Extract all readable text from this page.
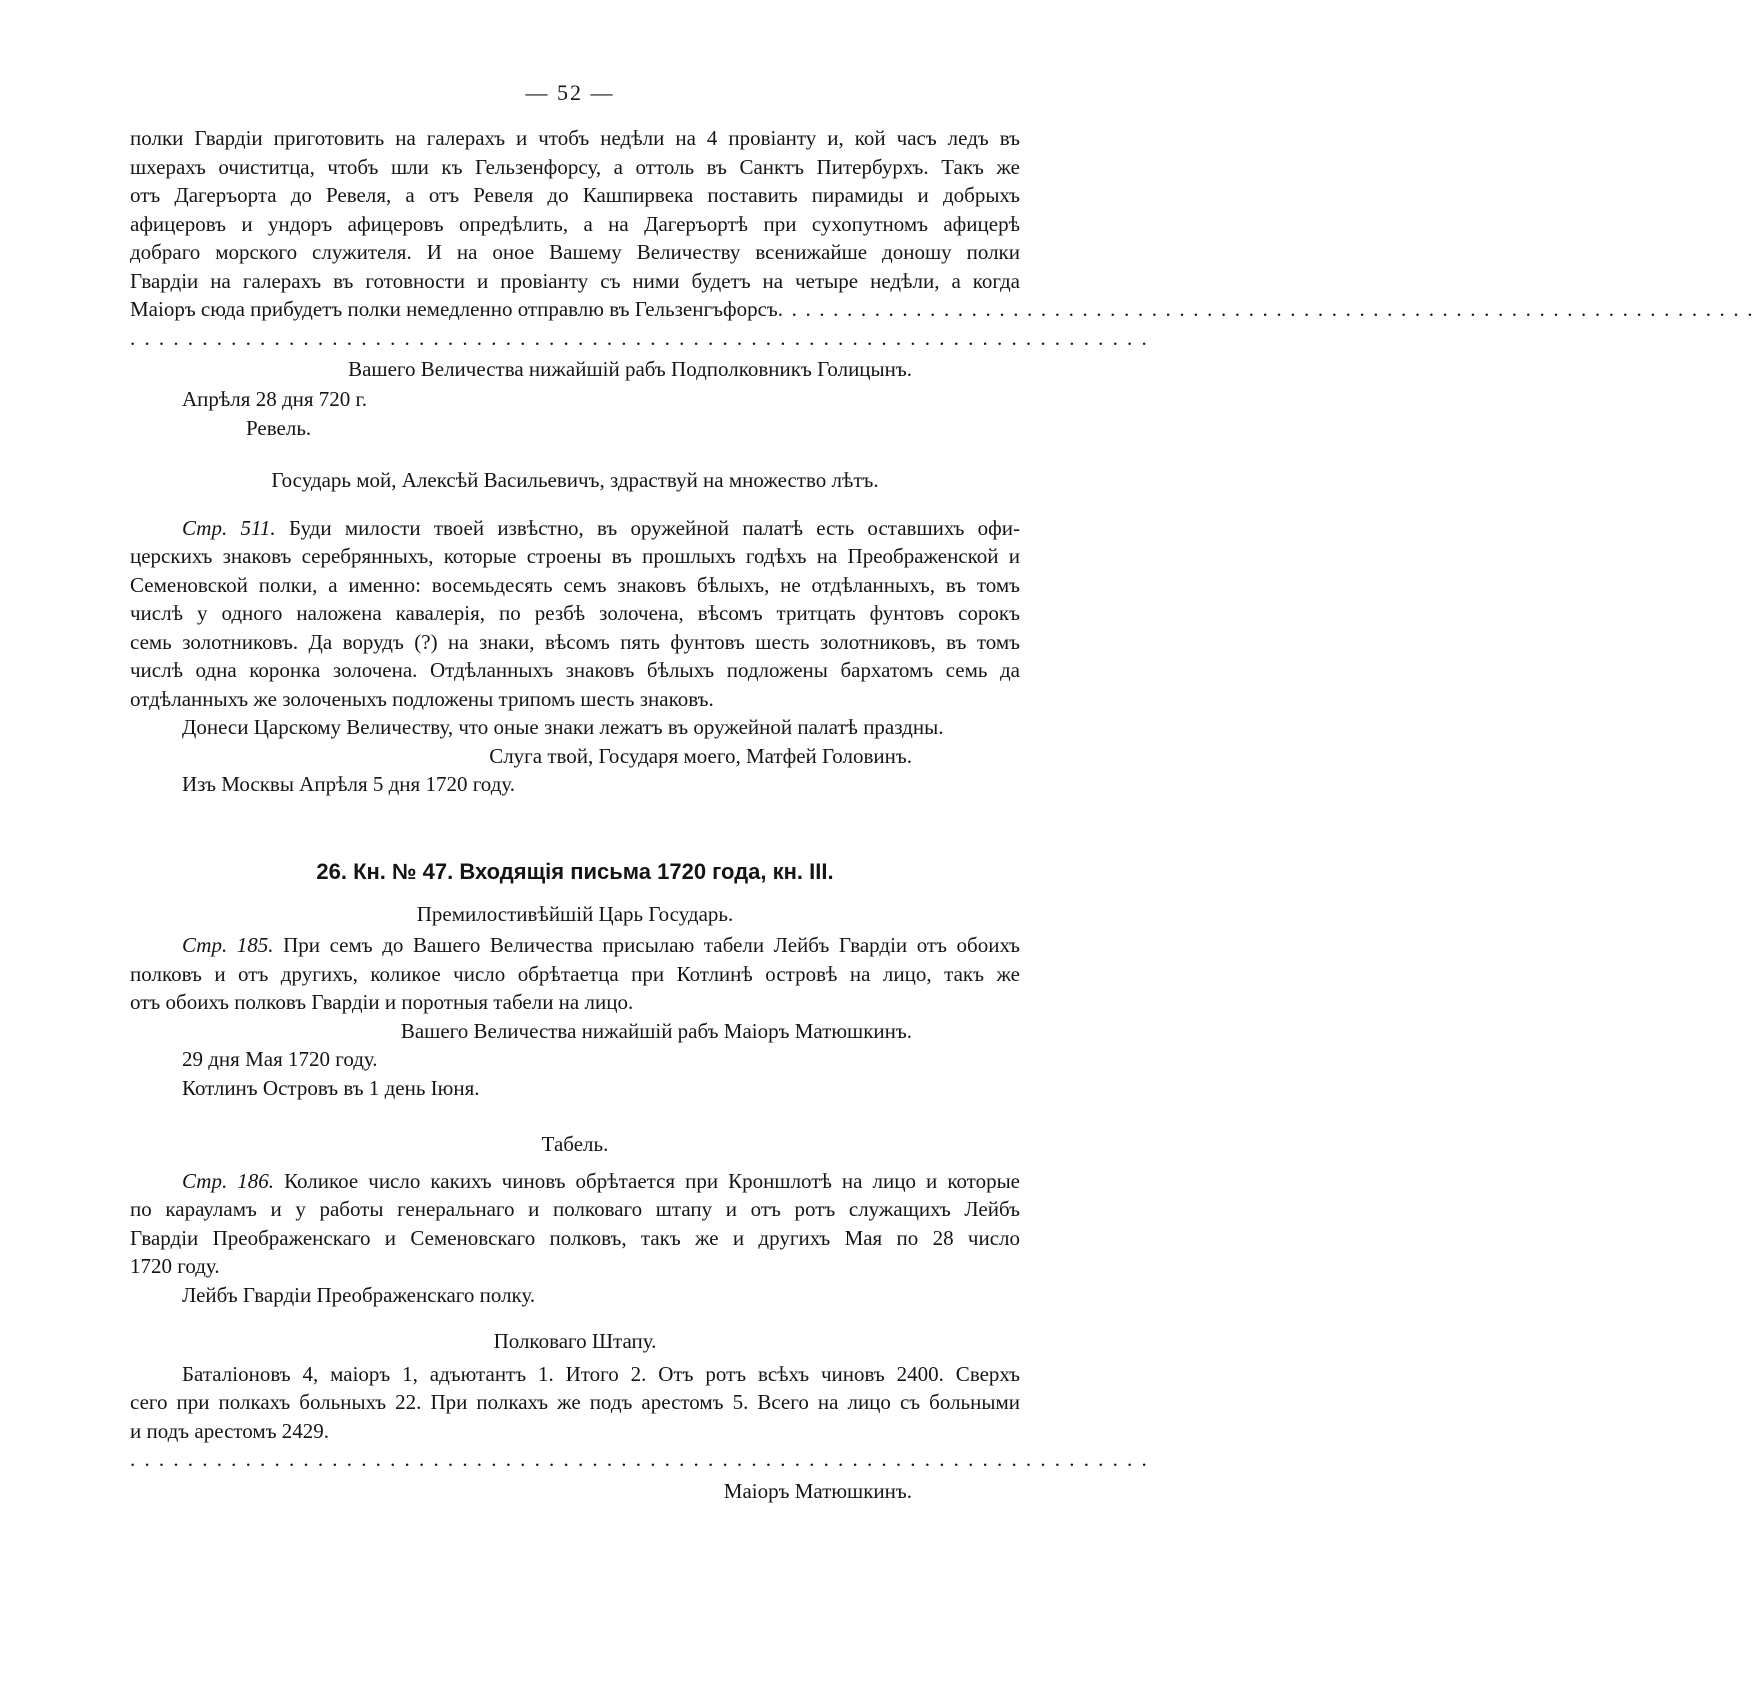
— 52 —

полки Гвардіи приготовить на галерахъ и чтобъ недѣли на 4 провіанту и, кой часъ ледъ въ

шхерахъ очиститца, чтобъ шли къ Гельзенфорсу, а оттоль въ Санктъ Питербурхъ. Такъ же

отъ Дагеръорта до Ревеля, а отъ Ревеля до Кашпирвека поставить пирамиды и добрыхъ

афицеровъ и ундоръ афицеровъ опредѣлить, а на Дагеръортѣ при сухопутномъ афицерѣ

добраго морского служителя. И на оное Вашему Величеству всенижайше доношу полки

Гвардіи на галерахъ въ готовности и провіанту съ ними будетъ на четыре недѣли, а когда

Маіоръ сюда прибудетъ полки немедленно отправлю въ Гельзенгъфорсъ.......................................................................

.......................................................................

Вашего Величества нижайшій рабъ Подполковникъ Голицынъ.

Апрѣля 28 дня 720 г.

Ревель.

Государь мой, Алексѣй Васильевичъ, здраствуй на множество лѣтъ.

Стр. 511. Буди милости твоей извѣстно, въ оружейной палатѣ есть оставшихъ офи-

церскихъ знаковъ серебрянныхъ, которые строены въ прошлыхъ годѣхъ на Преображенской и

Семеновской полки, а именно: восемьдесять семъ знаковъ бѣлыхъ, не отдѣланныхъ, въ томъ

числѣ у одного наложена кавалерія, по резбѣ золочена, вѣсомъ тритцать фунтовъ сорокъ

семь золотниковъ. Да ворудъ (?) на знаки, вѣсомъ пять фунтовъ шесть золотниковъ, въ томъ

числѣ одна коронка золочена. Отдѣланныхъ знаковъ бѣлыхъ подложены бархатомъ семь да

отдѣланныхъ же золоченыхъ подложены трипомъ шесть знаковъ.

Донеси Царскому Величеству, что оные знаки лежатъ въ оружейной палатѣ праздны.

Слуга твой, Государя моего, Матфей Головинъ.

Изъ Москвы Апрѣля 5 дня 1720 году.

26. Кн. № 47. Входящія письма 1720 года, кн. III.

Премилостивѣйшій Царь Государь.

Стр. 185. При семъ до Вашего Величества присылаю табели Лейбъ Гвардіи отъ обоихъ

полковъ и отъ другихъ, коликое число обрѣтаетца при Котлинѣ островѣ на лицо, такъ же

отъ обоихъ полковъ Гвардіи и поротныя табели на лицо.

Вашего Величества нижайшій рабъ Маіоръ Матюшкинъ.

29 дня Мая 1720 году.

Котлинъ Островъ въ 1 день Іюня.

Табель.

Стр. 186. Коликое число какихъ чиновъ обрѣтается при Кроншлотѣ на лицо и которые

по карауламъ и у работы генеральнаго и полковаго штапу и отъ ротъ служащихъ Лейбъ

Гвардіи Преображенскаго и Семеновскаго полковъ, такъ же и другихъ Мая по 28 число

1720 году.

Лейбъ Гвардіи Преображенскаго полку.

Полковаго Штапу.

Баталіоновъ 4, маіоръ 1, адъютантъ 1. Итого 2. Отъ ротъ всѣхъ чиновъ 2400. Сверхъ

сего при полкахъ больныхъ 22. При полкахъ же подъ арестомъ 5. Всего на лицо съ больными

и подъ арестомъ 2429.

.......................................................................

Маіоръ Матюшкинъ.
